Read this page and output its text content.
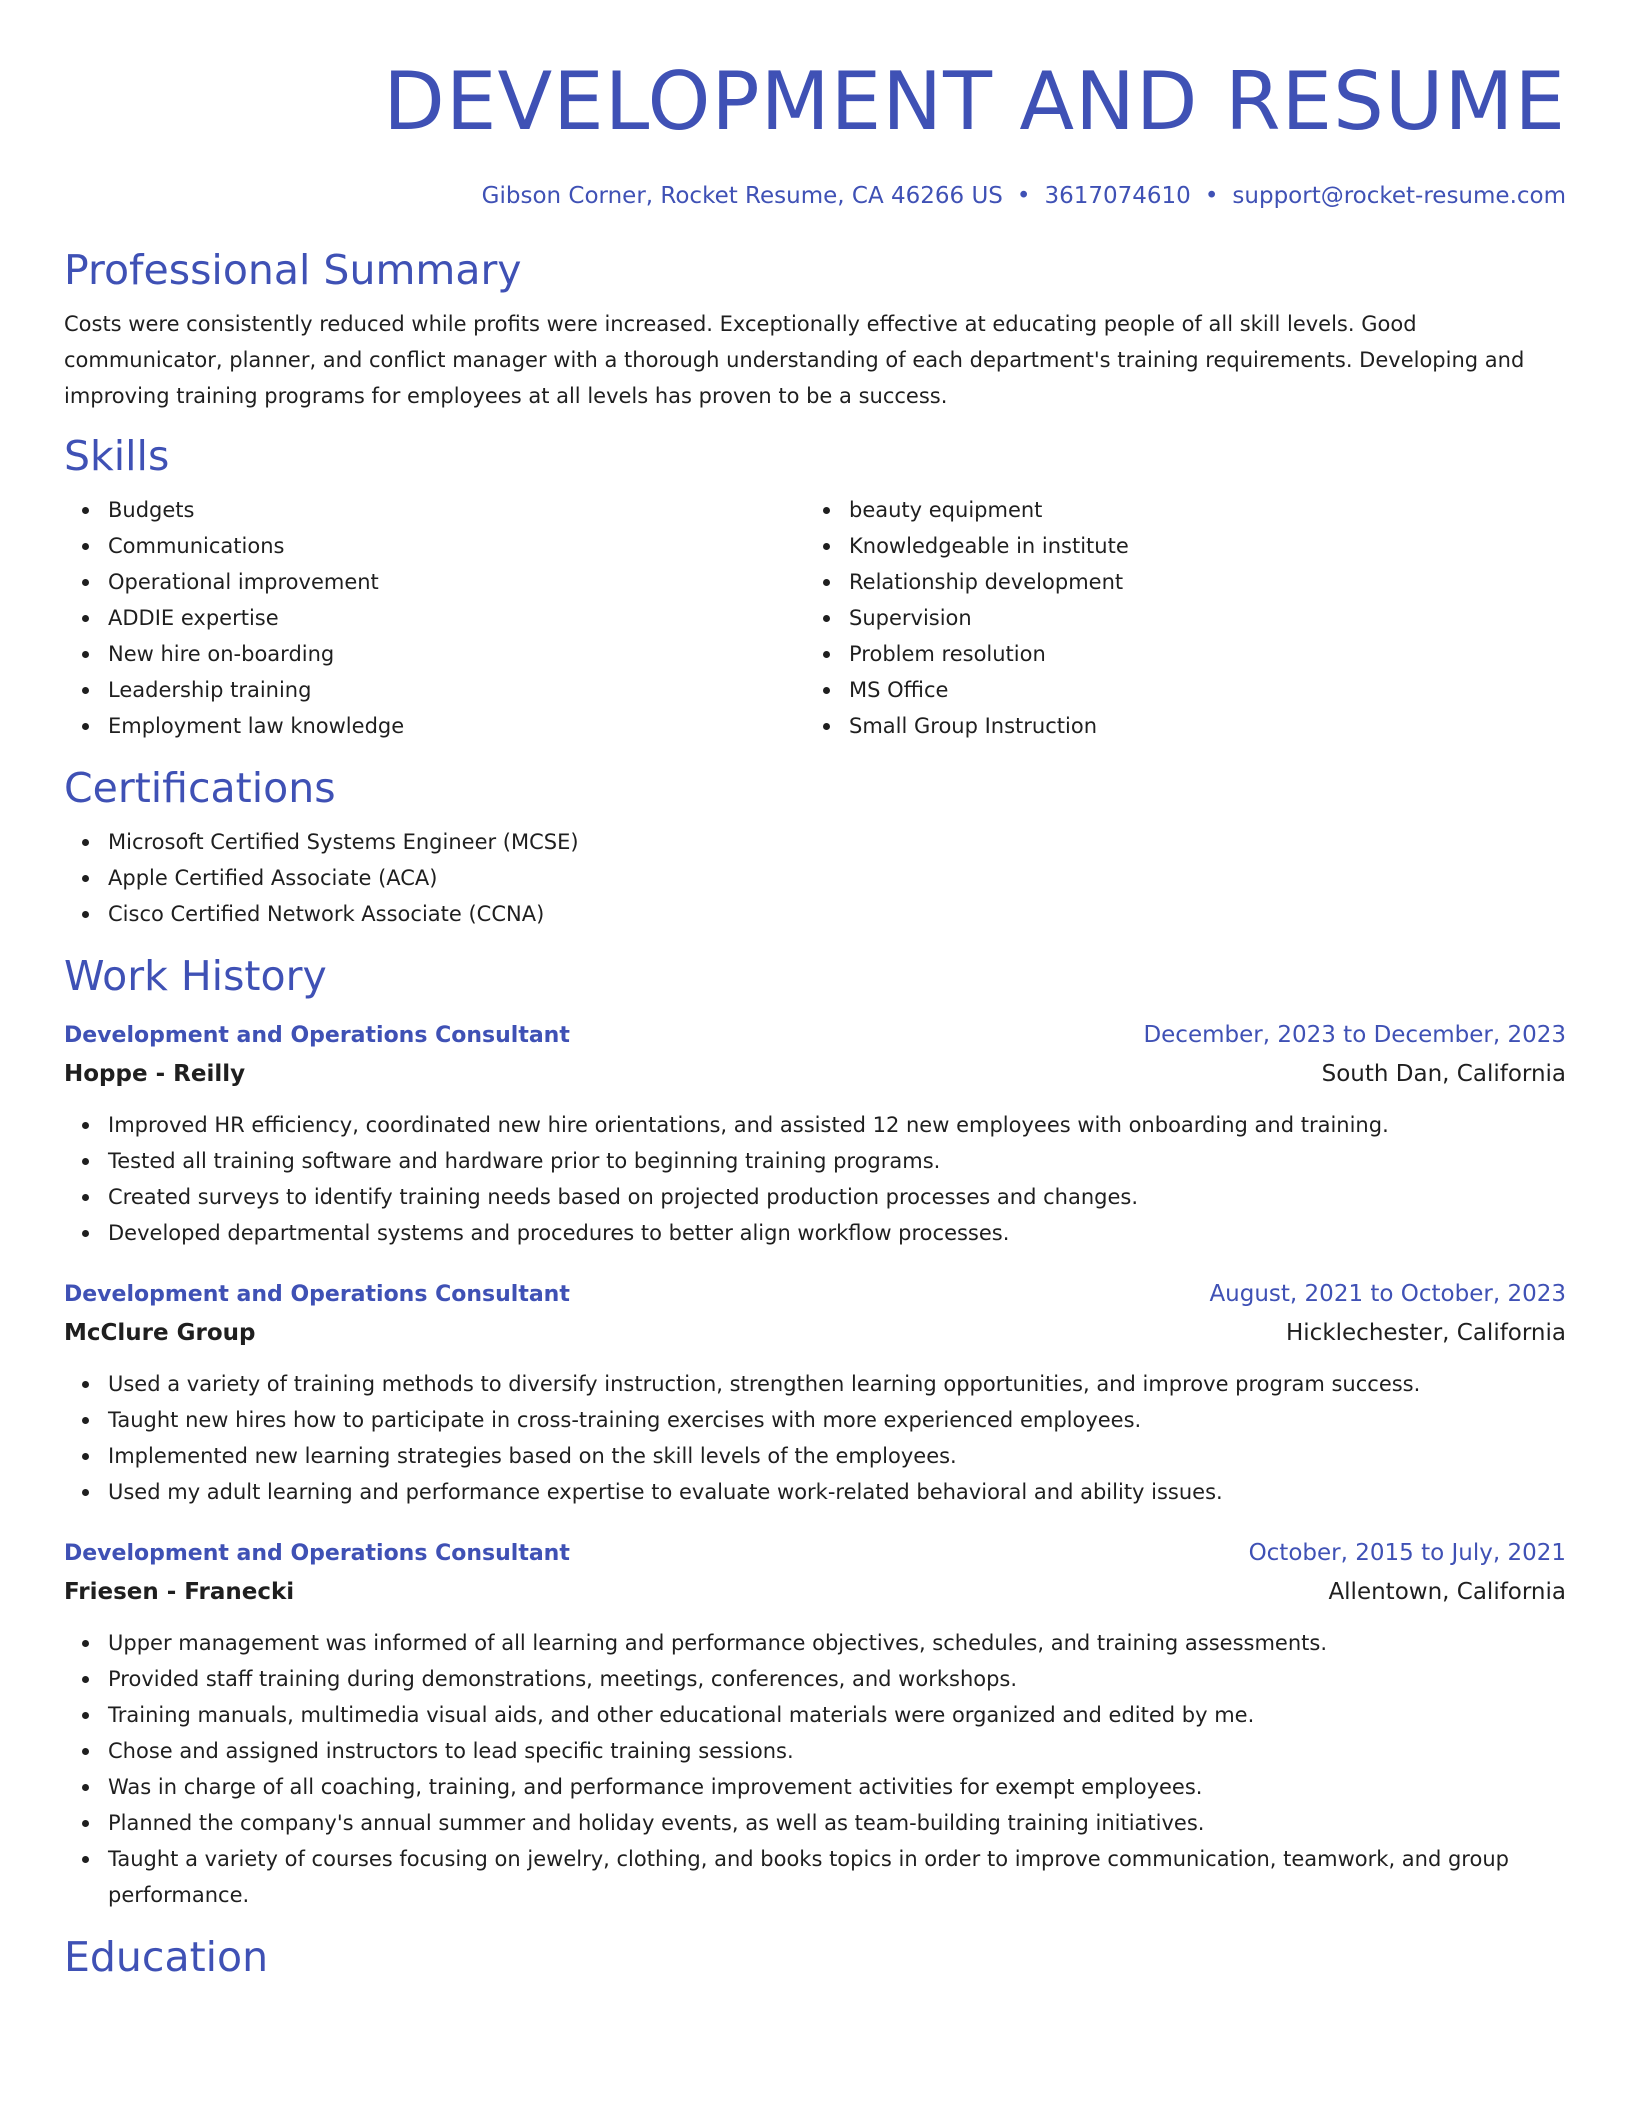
DEVELOPMENT AND RESUME
Gibson Corner, Rocket Resume, CA 46266 US • 3617074610 • support@rocket-resume.com
Professional Summary

Costs were consistently reduced while profits were increased. Exceptionally effective at educating people of all skill levels. Good communicator, planner, and conflict manager with a thorough understanding of each department's training requirements. Developing and improving training programs for employees at all levels has proven to be a success.

Skills
Budgets
Communications
Operational improvement
ADDIE expertise
New hire on-boarding
Leadership training
Employment law knowledge
beauty equipment
Knowledgeable in institute
Relationship development
Supervision
Problem resolution
MS Office
Small Group Instruction
Certifications
Microsoft Certified Systems Engineer (MCSE)
Apple Certified Associate (ACA)
Cisco Certified Network Associate (CCNA)
Work History
Development and Operations Consultant	December, 2023 to December, 2023
Hoppe - Reilly	South Dan, California
Improved HR efficiency, coordinated new hire orientations, and assisted 12 new employees with onboarding and training.
Tested all training software and hardware prior to beginning training programs.
Created surveys to identify training needs based on projected production processes and changes.
Developed departmental systems and procedures to better align workflow processes.
Development and Operations Consultant	August, 2021 to October, 2023
McClure Group	Hicklechester, California
Used a variety of training methods to diversify instruction, strengthen learning opportunities, and improve program success.
Taught new hires how to participate in cross-training exercises with more experienced employees.
Implemented new learning strategies based on the skill levels of the employees.
Used my adult learning and performance expertise to evaluate work-related behavioral and ability issues.
Development and Operations Consultant	October, 2015 to July, 2021
Friesen - Franecki	Allentown, California
Upper management was informed of all learning and performance objectives, schedules, and training assessments.
Provided staff training during demonstrations, meetings, conferences, and workshops.
Training manuals, multimedia visual aids, and other educational materials were organized and edited by me.
Chose and assigned instructors to lead specific training sessions.
Was in charge of all coaching, training, and performance improvement activities for exempt employees.
Planned the company's annual summer and holiday events, as well as team-building training initiatives.
Taught a variety of courses focusing on jewelry, clothing, and books topics in order to improve communication, teamwork, and group performance.
Education
